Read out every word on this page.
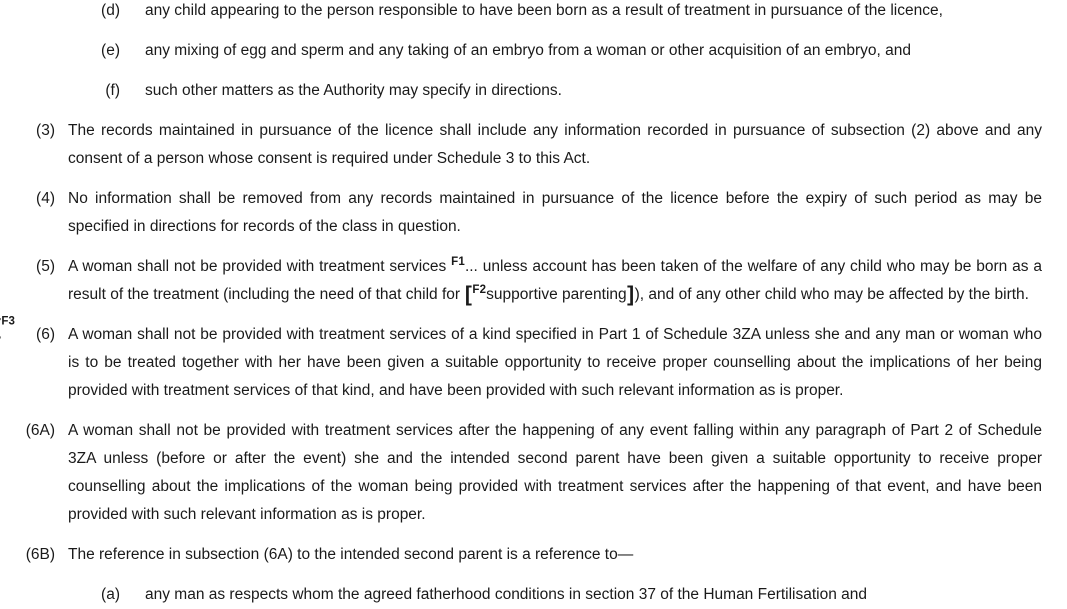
(d) any child appearing to the person responsible to have been born as a result of treatment in pursuance of the licence,
(e) any mixing of egg and sperm and any taking of an embryo from a woman or other acquisition of an embryo, and
(f) such other matters as the Authority may specify in directions.
(3) The records maintained in pursuance of the licence shall include any information recorded in pursuance of subsection (2) above and any consent of a person whose consent is required under Schedule 3 to this Act.
(4) No information shall be removed from any records maintained in pursuance of the licence before the expiry of such period as may be specified in directions for records of the class in question.
(5) A woman shall not be provided with treatment services $^{F1}$... unless account has been taken of the welfare of any child who may be born as a result of the treatment (including the need of that child for [$^{F2}$supportive parenting]), and of any other child who may be affected by the birth.
$^{F3}$
(6) A woman shall not be provided with treatment services of a kind specified in Part 1 of Schedule 3ZA unless she and any man or woman who is to be treated together with her have been given a suitable opportunity to receive proper counselling about the implications of her being provided with treatment services of that kind, and have been provided with such relevant information as is proper.
(6A) A woman shall not be provided with treatment services after the happening of any event falling within any paragraph of Part 2 of Schedule 3ZA unless (before or after the event) she and the intended second parent have been given a suitable opportunity to receive proper counselling about the implications of the woman being provided with treatment services after the happening of that event, and have been provided with such relevant information as is proper.
(6B) The reference in subsection (6A) to the intended second parent is a reference to—
(a) any man as respects whom the agreed fatherhood conditions in section 37 of the Human Fertilisation and
